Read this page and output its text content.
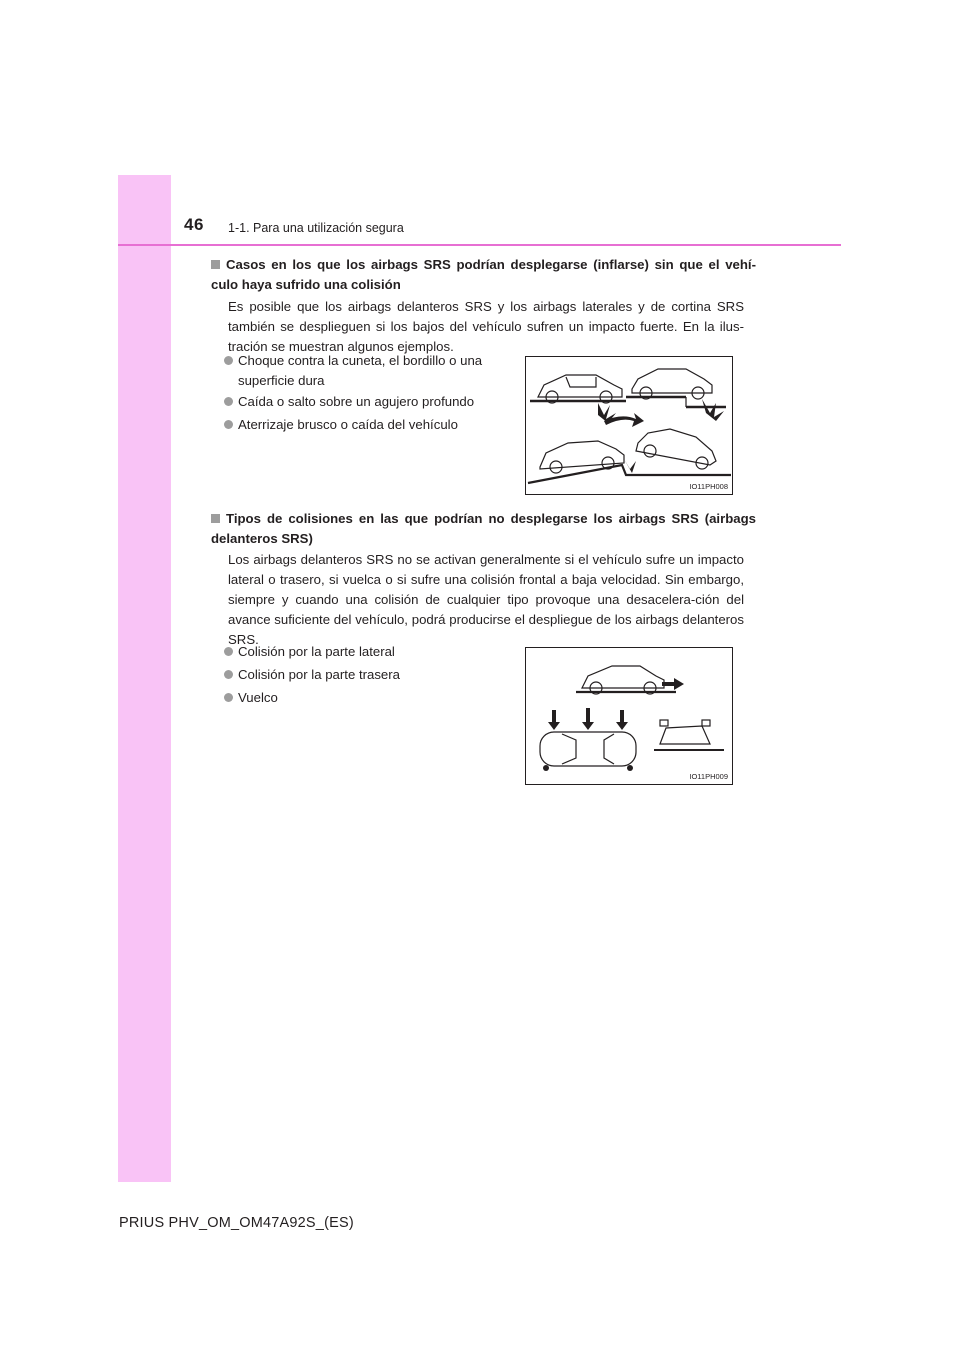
46 1-1. Para una utilización segura
Casos en los que los airbags SRS podrían desplegarse (inflarse) sin que el vehí-culo haya sufrido una colisión
Es posible que los airbags delanteros SRS y los airbags laterales y de cortina SRS también se desplieguen si los bajos del vehículo sufren un impacto fuerte. En la ilus-tración se muestran algunos ejemplos.
Choque contra la cuneta, el bordillo o una
superficie dura
Caída o salto sobre un agujero profundo
Aterrizaje brusco o caída del vehículo
IO11PH008
Tipos de colisiones en las que podrían no desplegarse los airbags SRS (airbags delanteros SRS)
Los airbags delanteros SRS no se activan generalmente si el vehículo sufre un impacto lateral o trasero, si vuelca o si sufre una colisión frontal a baja velocidad. Sin embargo, siempre y cuando una colisión de cualquier tipo provoque una desacelera-ción del avance suficiente del vehículo, podrá producirse el despliegue de los airbags delanteros SRS.
Colisión por la parte lateral
Colisión por la parte trasera
Vuelco
IO11PH009
PRIUS PHV_OM_OM47A92S_(ES)
